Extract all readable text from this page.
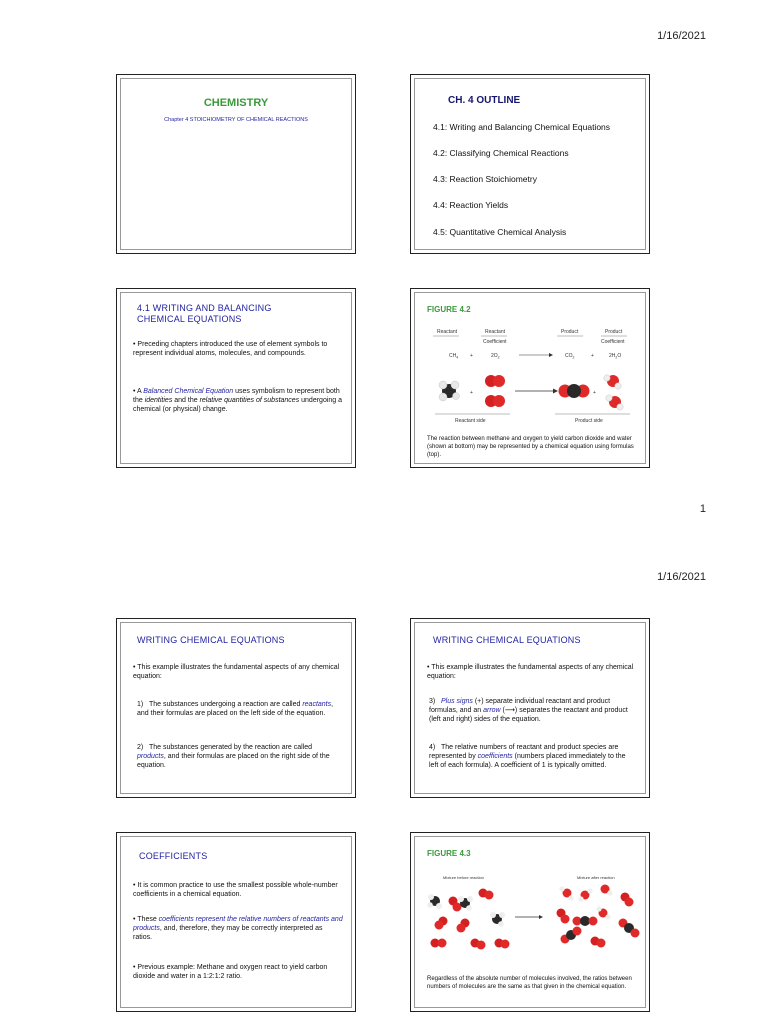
1/16/2021
1
CHEMISTRY
Chapter 4 STOICHIOMETRY OF CHEMICAL REACTIONS
CH. 4 OUTLINE
4.1: Writing and Balancing Chemical Equations
4.2: Classifying Chemical Reactions
4.3: Reaction Stoichiometry
4.4: Reaction Yields
4.5: Quantitative Chemical Analysis
4.1 WRITING AND BALANCING
CHEMICAL EQUATIONS
• Preceding chapters introduced the use of element symbols to represent individual atoms, molecules, and compounds.
• A Balanced Chemical Equation uses symbolism to represent both the identities and the relative quantities of substances undergoing a chemical (or physical) change.
FIGURE 4.2
Reactant	Reactant
Coefficient
Product	Product
Coefficient
$CH_4$ +	$2O_2$	$CO_2$	+	$2H_2O$
+	+
Reactant side	Product side
The reaction between methane and oxygen to yield carbon dioxide and water (shown at bottom) may be represented by a chemical equation using formulas (top).
1/16/2021
WRITING CHEMICAL EQUATIONS
• This example illustrates the fundamental aspects of any chemical equation:
1) The substances undergoing a reaction are called reactants, and their formulas are placed on the left side of the equation.
2) The substances generated by the reaction are called products, and their formulas are placed on the right side of the equation.
WRITING CHEMICAL EQUATIONS
• This example illustrates the fundamental aspects of any chemical equation:
3) Plus signs (+) separate individual reactant and product formulas, and an arrow (⟶) separates the reactant and product (left and right) sides of the equation.
4) The relative numbers of reactant and product species are represented by coefficients (numbers placed immediately to the left of each formula). A coefficient of 1 is typically omitted.
COEFFICIENTS
• It is common practice to use the smallest possible whole-number coefficients in a chemical equation.
• These coefficients represent the relative numbers of reactants and products, and, therefore, they may be correctly interpreted as ratios.
• Previous example: Methane and oxygen react to yield carbon dioxide and water in a 1:2:1:2 ratio.
FIGURE 4.3
Mixture before reaction	Mixture after reaction
Regardless of the absolute number of molecules involved, the ratios between numbers of molecules are the same as that given in the chemical equation.
